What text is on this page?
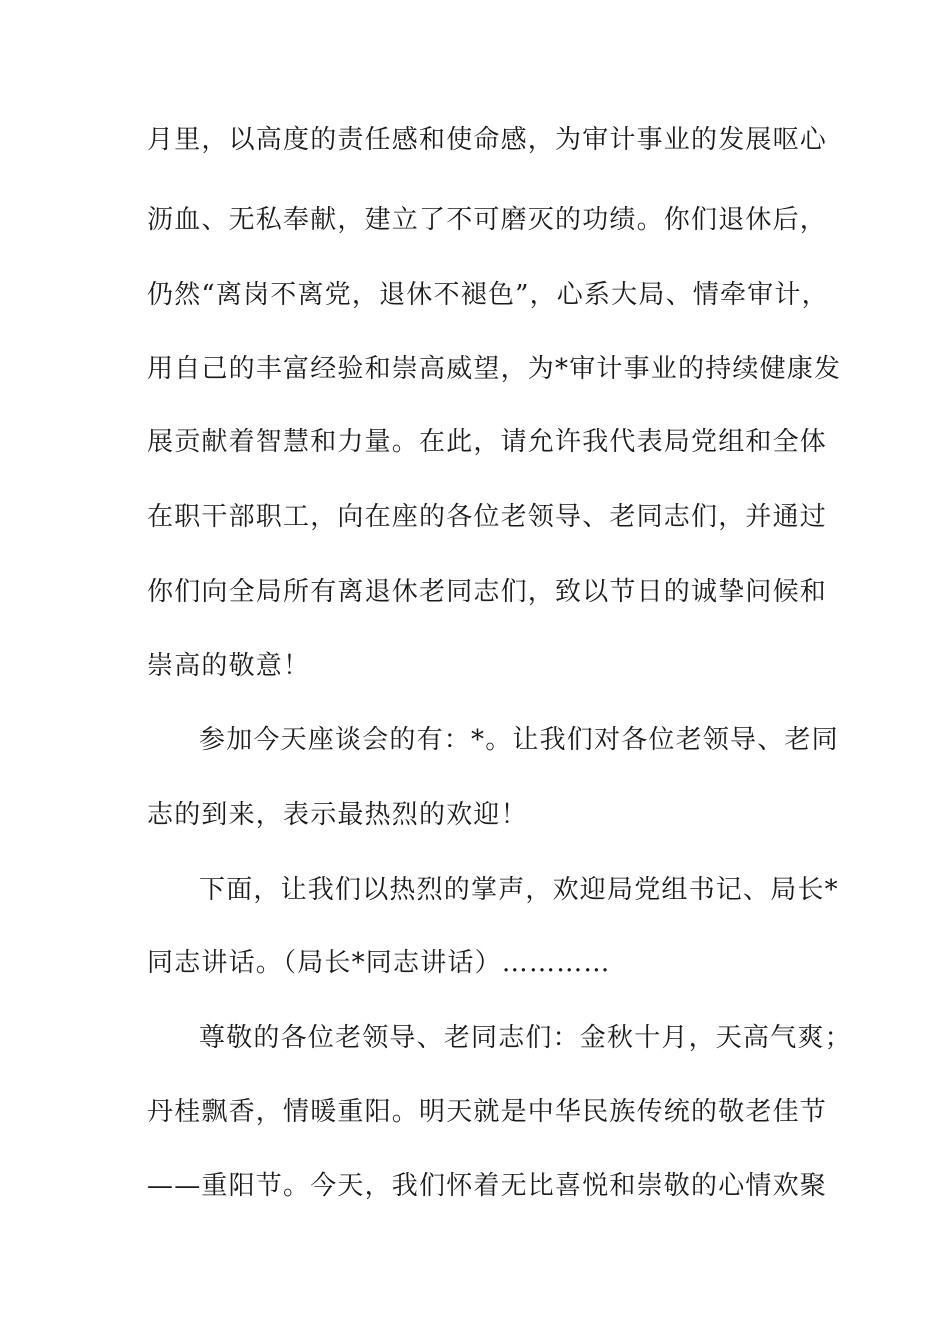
月里，以高度的责任感和使命感，为审计事业的发展呕心
沥血、无私奉献，建立了不可磨灭的功绩。你们退休后，
仍然“离岗不离党，退休不褪色”，心系大局、情牵审计，
用自己的丰富经验和崇高威望，为*审计事业的持续健康发
展贡献着智慧和力量。在此，请允许我代表局党组和全体
在职干部职工，向在座的各位老领导、老同志们，并通过
你们向全局所有离退休老同志们，致以节日的诚挚问候和
崇高的敬意！
参加今天座谈会的有：*。让我们对各位老领导、老同
志的到来，表示最热烈的欢迎！
下面，让我们以热烈的掌声，欢迎局党组书记、局长*
同志讲话。（局长*同志讲话）…………
尊敬的各位老领导、老同志们：金秋十月，天高气爽；
丹桂飘香，情暖重阳。明天就是中华民族传统的敬老佳节
——重阳节。今天，我们怀着无比喜悦和崇敬的心情欢聚
